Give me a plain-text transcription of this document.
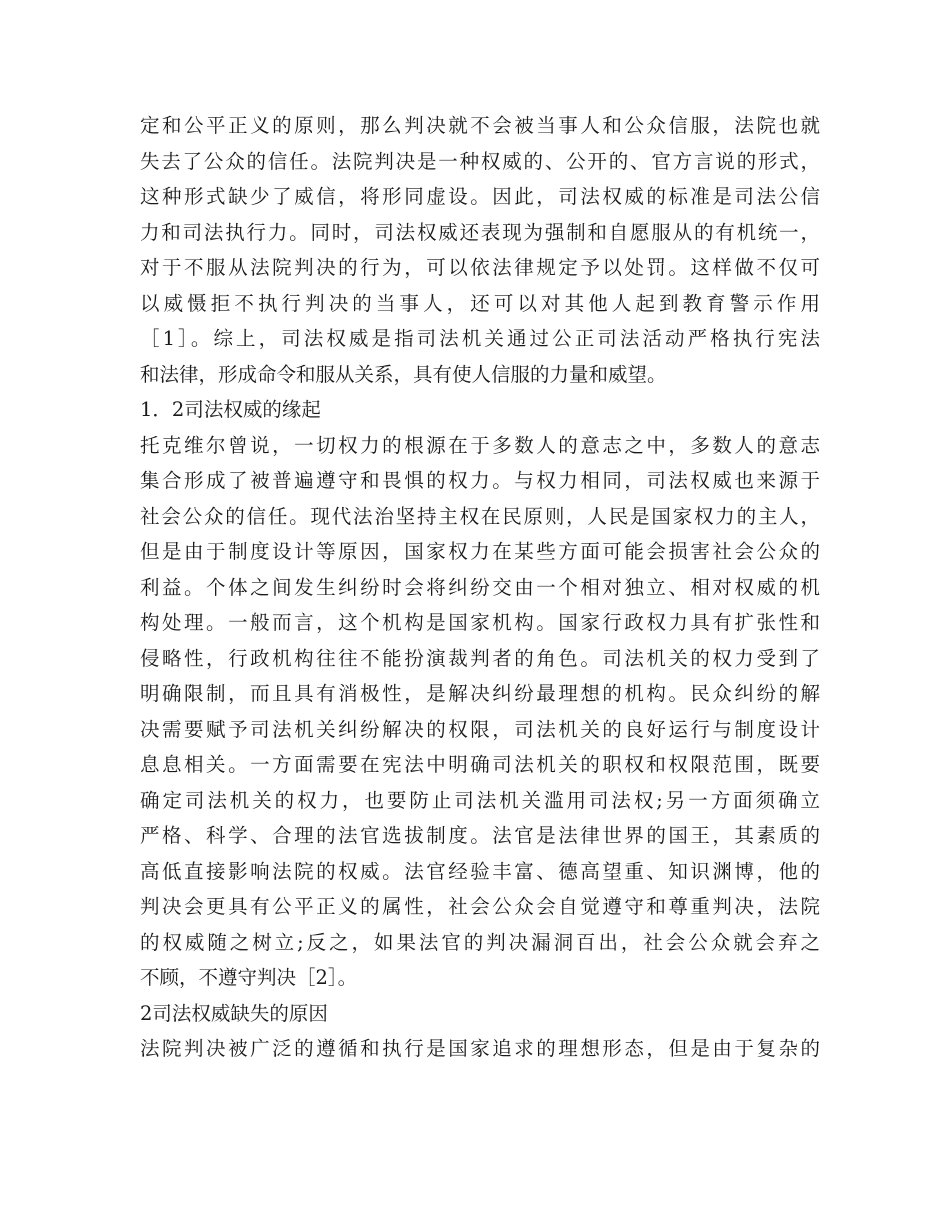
定和公平正义的原则，那么判决就不会被当事人和公众信服，法院也就
失去了公众的信任。法院判决是一种权威的、公开的、官方言说的形式，
这种形式缺少了威信，将形同虚设。因此，司法权威的标准是司法公信
力和司法执行力。同时，司法权威还表现为强制和自愿服从的有机统一，
对于不服从法院判决的行为，可以依法律规定予以处罚。这样做不仅可
以威慑拒不执行判决的当事人，还可以对其他人起到教育警示作用
［1］。综上，司法权威是指司法机关通过公正司法活动严格执行宪法
和法律，形成命令和服从关系，具有使人信服的力量和威望。
1．2司法权威的缘起
托克维尔曾说，一切权力的根源在于多数人的意志之中，多数人的意志
集合形成了被普遍遵守和畏惧的权力。与权力相同，司法权威也来源于
社会公众的信任。现代法治坚持主权在民原则，人民是国家权力的主人，
但是由于制度设计等原因，国家权力在某些方面可能会损害社会公众的
利益。个体之间发生纠纷时会将纠纷交由一个相对独立、相对权威的机
构处理。一般而言，这个机构是国家机构。国家行政权力具有扩张性和
侵略性，行政机构往往不能扮演裁判者的角色。司法机关的权力受到了
明确限制，而且具有消极性，是解决纠纷最理想的机构。民众纠纷的解
决需要赋予司法机关纠纷解决的权限，司法机关的良好运行与制度设计
息息相关。一方面需要在宪法中明确司法机关的职权和权限范围，既要
确定司法机关的权力，也要防止司法机关滥用司法权;另一方面须确立
严格、科学、合理的法官选拔制度。法官是法律世界的国王，其素质的
高低直接影响法院的权威。法官经验丰富、德高望重、知识渊博，他的
判决会更具有公平正义的属性，社会公众会自觉遵守和尊重判决，法院
的权威随之树立;反之，如果法官的判决漏洞百出，社会公众就会弃之
不顾，不遵守判决［2］。
2司法权威缺失的原因
法院判决被广泛的遵循和执行是国家追求的理想形态，但是由于复杂的
